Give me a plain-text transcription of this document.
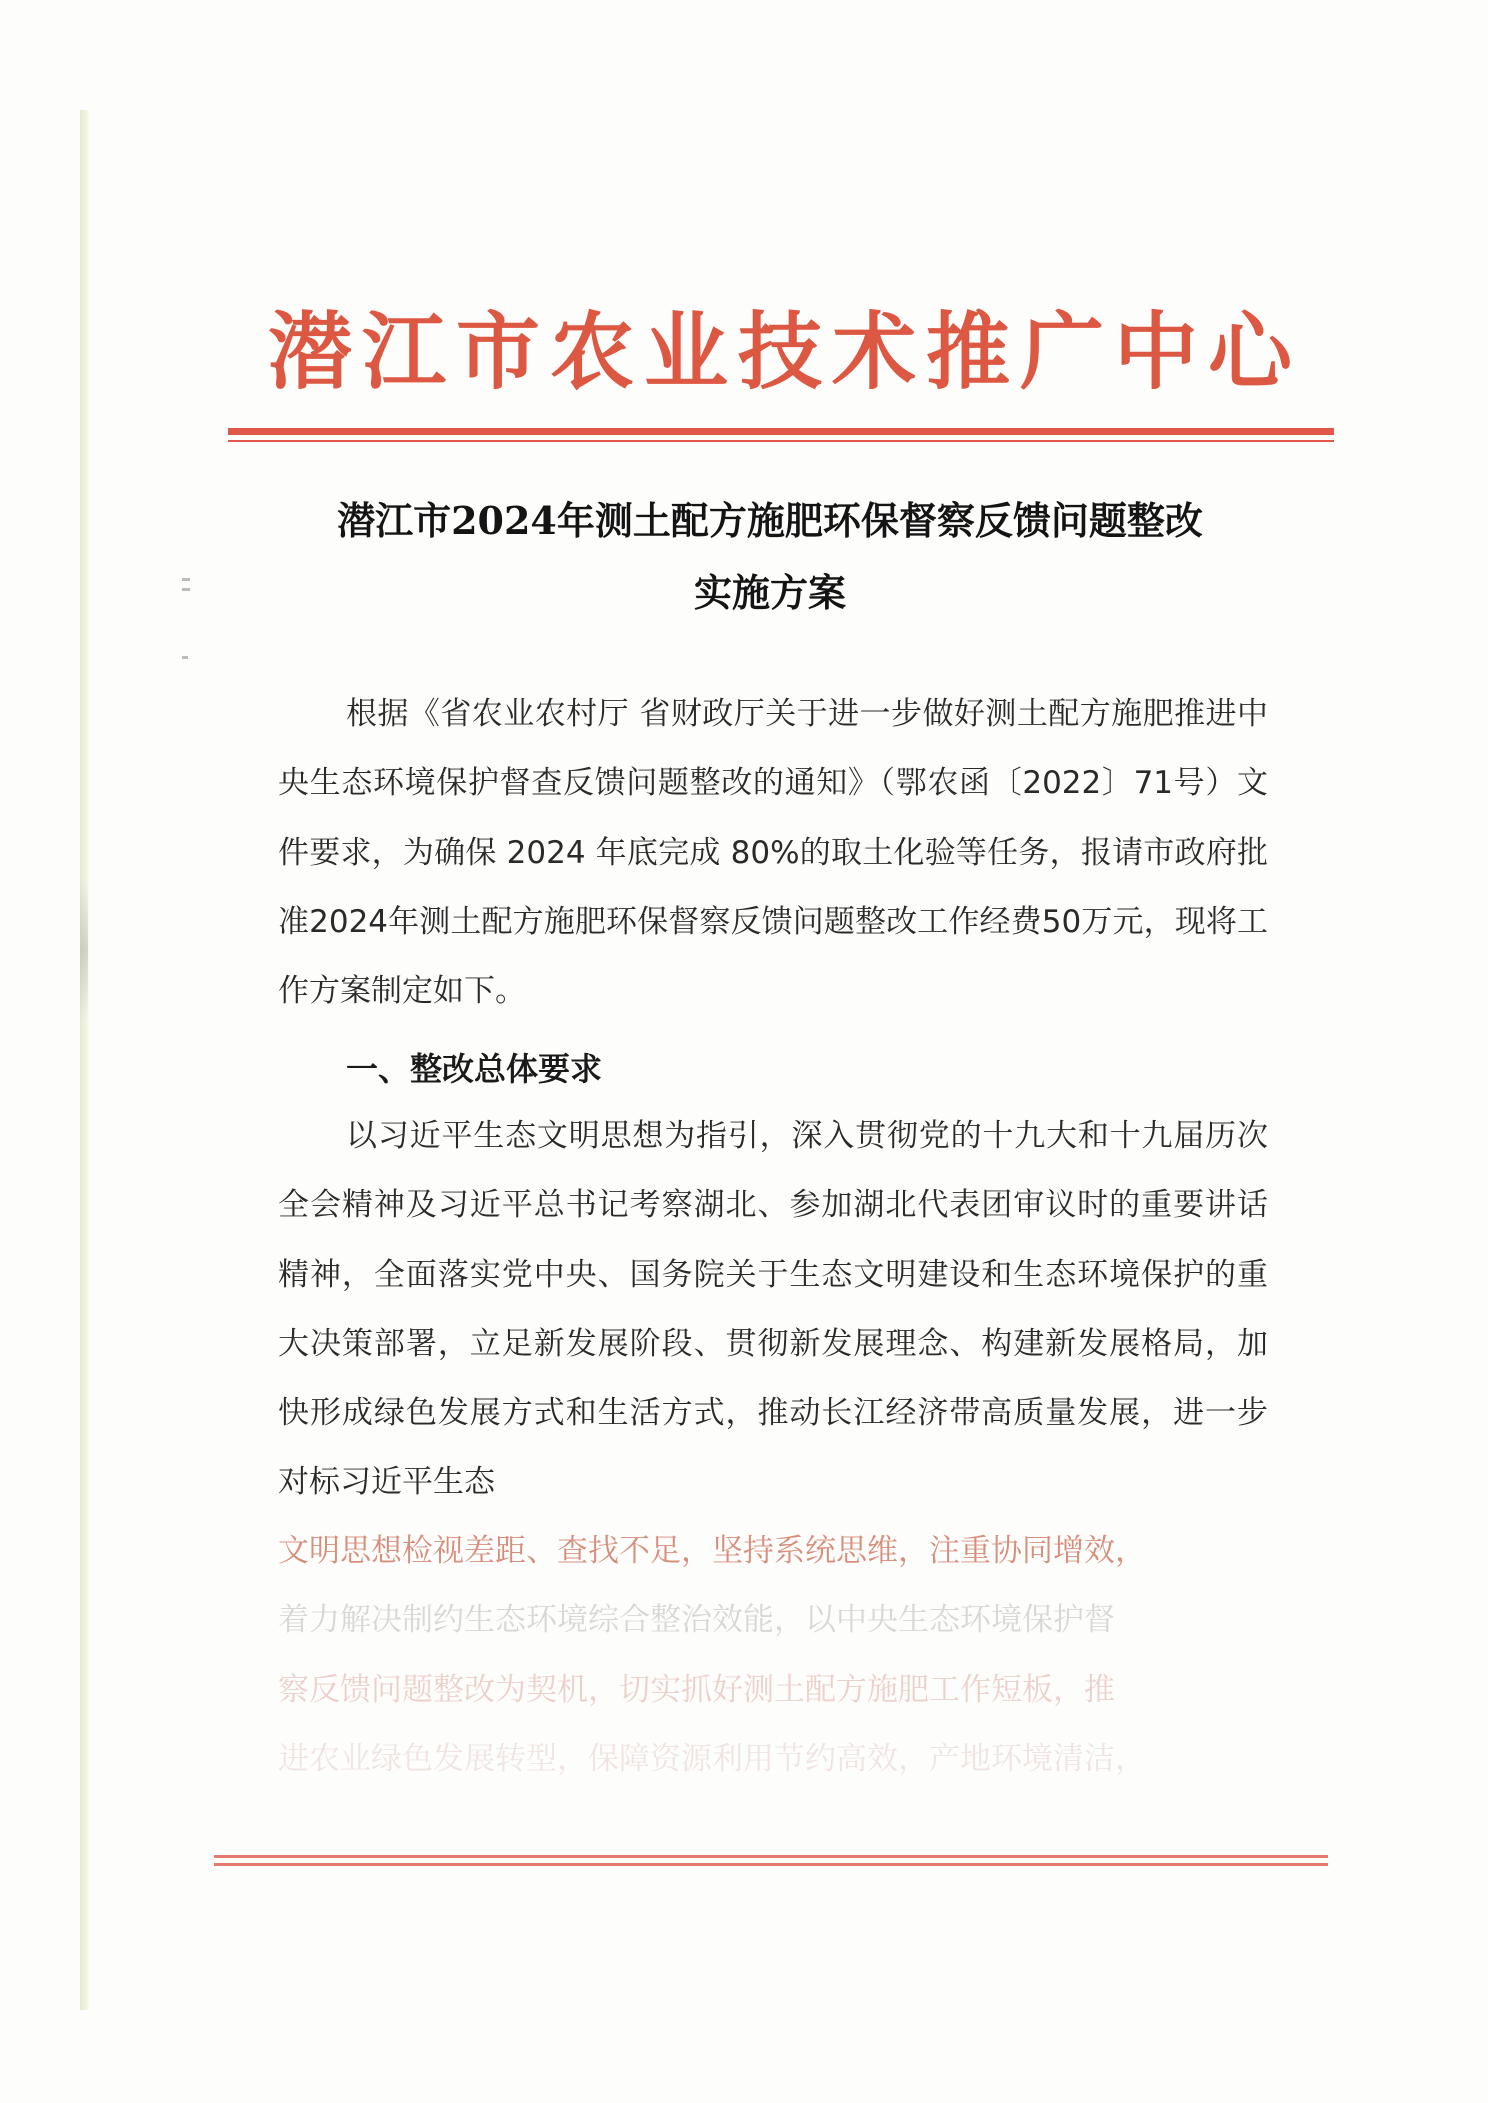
潜江市农业技术推广中心
潜江市2024年测土配方施肥环保督察反馈问题整改
实施方案
根据《省农业农村厅 省财政厅关于进一步做好测土配方施肥推进中央生态环境保护督查反馈问题整改的通知》（鄂农函〔2022〕71号）文件要求，为确保 2024 年底完成 80%的取土化验等任务，报请市政府批准2024年测土配方施肥环保督察反馈问题整改工作经费50万元，现将工作方案制定如下。
一、整改总体要求
以习近平生态文明思想为指引，深入贯彻党的十九大和十九届历次全会精神及习近平总书记考察湖北、参加湖北代表团审议时的重要讲话精神，全面落实党中央、国务院关于生态文明建设和生态环境保护的重大决策部署，立足新发展阶段、贯彻新发展理念、构建新发展格局，加快形成绿色发展方式和生活方式，推动长江经济带高质量发展，进一步对标习近平生态
文明思想检视差距、查找不足，坚持系统思维，注重协同增效，
着力解决制约生态环境综合整治效能，以中央生态环境保护督
察反馈问题整改为契机，切实抓好测土配方施肥工作短板，推
进农业绿色发展转型，保障资源利用节约高效，产地环境清洁，
